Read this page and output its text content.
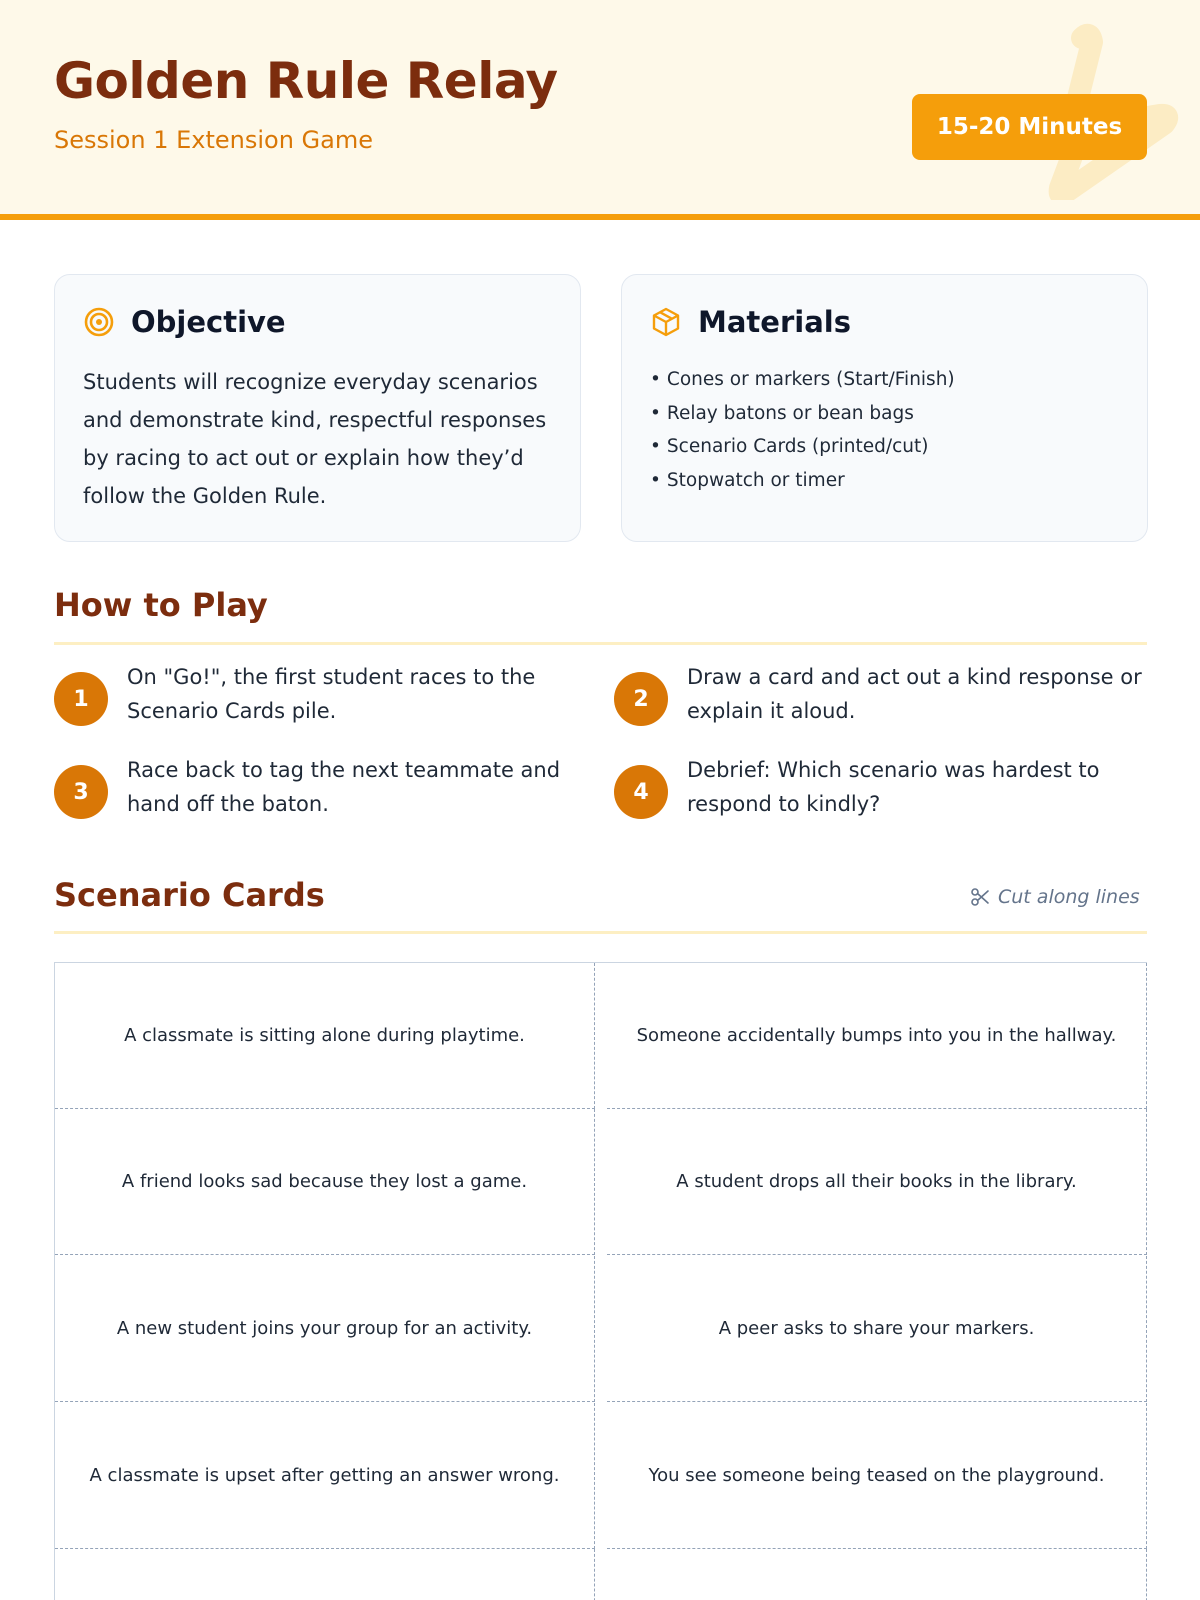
Golden Rule Relay
Session 1 Extension Game	15-20 Minutes
Objective

Students will recognize everyday scenarios and demonstrate kind, respectful responses by racing to act out or explain how they’d follow the Golden Rule.

Materials
• Cones or markers (Start/Finish)
• Relay batons or bean bags
• Scenario Cards (printed/cut)
• Stopwatch or timer
How to Play
1
On "Go!", the first student races to the Scenario Cards pile.	2
Draw a card and act out a kind response or explain it aloud.
3
Race back to tag the next teammate and hand off the baton.	4
Debrief: Which scenario was hardest to respond to kindly?
Scenario Cards	Cut along lines
A classmate is sitting alone during playtime.	Someone accidentally bumps into you in the hallway.
A friend looks sad because they lost a game.	A student drops all their books in the library.
A new student joins your group for an activity.	A peer asks to share your markers.
A classmate is upset after getting an answer wrong.	You see someone being teased on the playground.
